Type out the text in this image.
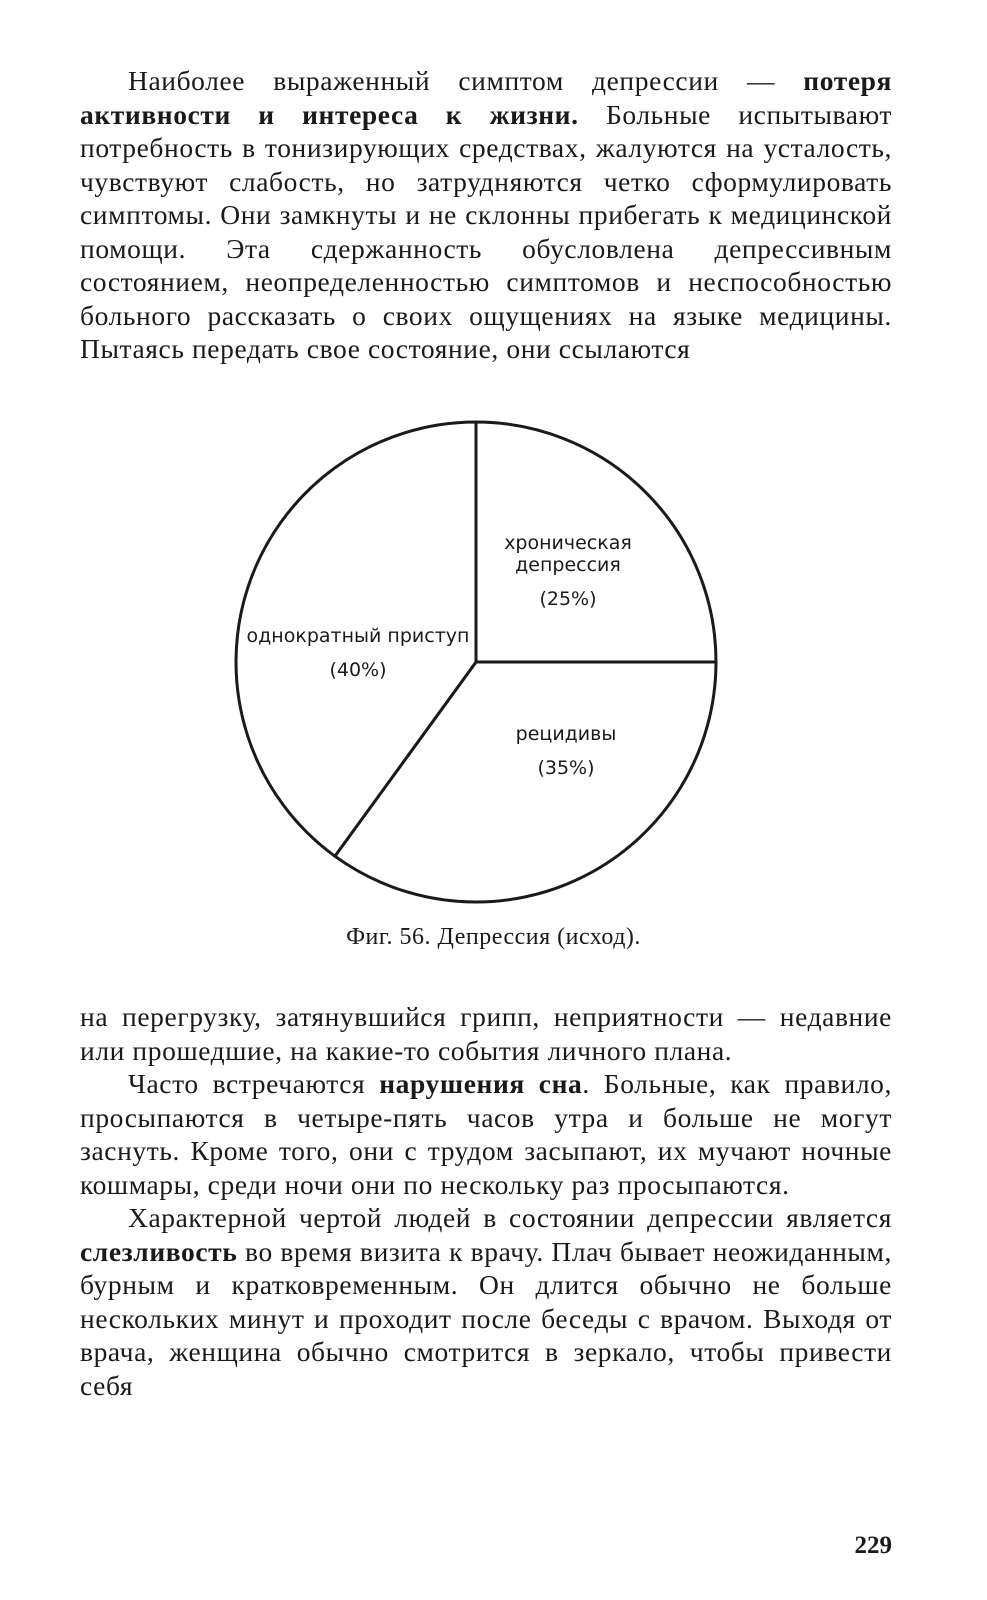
Наиболее выраженный симптом депрессии — потеря активности и интереса к жизни. Больные испытывают потребность в тонизирующих средствах, жалуются на усталость, чувствуют слабость, но затрудняются четко сформулировать симптомы. Они замкнуты и не склонны прибегать к медицинской помощи. Эта сдержанность обусловлена депрессивным состоянием, неопределенностью симптомов и неспособностью больного рассказать о своих ощущениях на языке медицины. Пытаясь передать свое состояние, они ссылаются

хроническая
депрессия
(25%)
рецидивы
(35%)
однократный приступ
(40%)

Фиг. 56. Депрессия (исход).

на перегрузку, затянувшийся грипп, неприятности — недавние или прошедшие, на какие-то события личного плана.

Часто встречаются нарушения сна. Больные, как правило, просыпаются в четыре-пять часов утра и больше не могут заснуть. Кроме того, они с трудом засыпают, их мучают ночные кошмары, среди ночи они по нескольку раз просыпаются.

Характерной чертой людей в состоянии депрессии является слезливость во время визита к врачу. Плач бывает неожиданным, бурным и кратковременным. Он длится обычно не больше нескольких минут и проходит после беседы с врачом. Выходя от врача, женщина обычно смотрится в зеркало, чтобы привести себя

229
